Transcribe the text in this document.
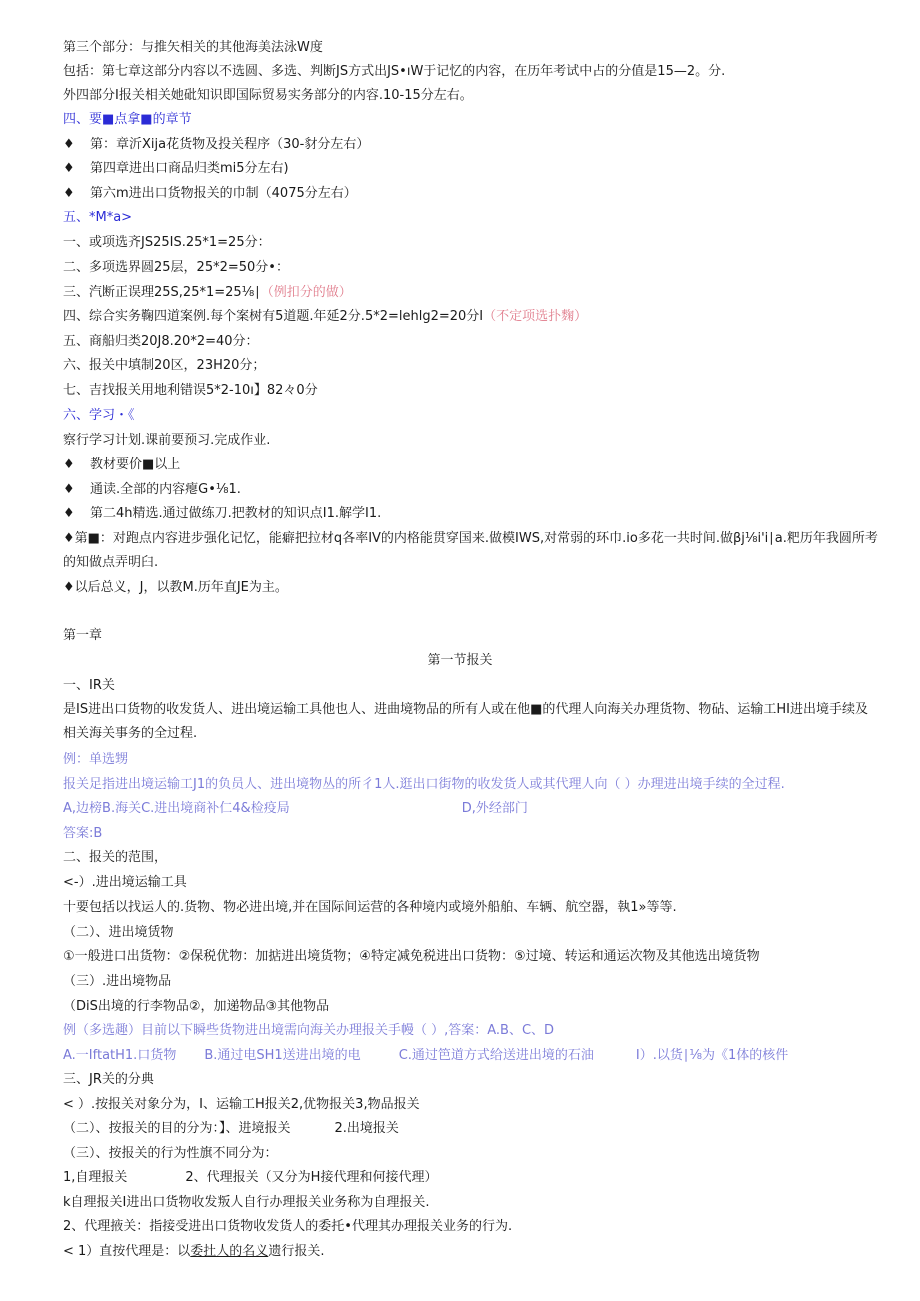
第三个部分：与推矢相关的其他海美法泳W度
包括：第七章这部分内容以不选圆、多选、判断JS方式出JS•ıW于记忆的内容，在历年考试中占的分值是15—2。分.
外四部分I报关相关她砒知识即国际贸易实务部分的内容.10-15分左右。
四、要■点拿■的章节
♦ 第：章沂Xija花货物及投关程序（30-豺分左右）
♦ 第四章进出口商品归类mi5分左右)
♦ 第六m进出口货物报关的巾制（4075分左右）
五、*M*a>
一、或项选齐JS25IS.25*1=25分：
二、多项选界圆25层，25*2=50分•：
三、汽断正误理25S,25*1=25⅛∣（例扣分的做）
四、综合实务鞠四道案例.每个案树有5道题.年延2分.5*2=lehlg2=20分I（不定项选扑麴）
五、商船归类20J8.20*2=40分：
六、报关中填制20区，23H20分；
七、吉找报关用地利错误5*2-10ı】82々0分
六、学习・《
察行学习计划.课前要预习.完成作业.
♦ 教材要价■以上
♦ 通读.全部的内容瘪G•⅛1.
♦ 第二4h精选.通过做练刀.把教材的知识点I1.解学I1.
♦第■：对跑点内容进步强化记忆，能癖把拉材q各率IV的内格能贯穿国来.做模IWS,对常弱的环巾.io多花一共时间.做βj⅛i'i∣a.粑历年我圆所考的知做点弄明臼.
♦以后总义，J，以教M.历年直JE为主。
第一章
第一节报关
一、IR关
是IS进出口货物的收发货人、进出境运输工具他也人、进曲境物品的所有人或在他■的代理人向海关办理货物、物砧、运输工HI进出境手续及相关海关事务的全过程.
例：单选甥
报关足指进出境运输工J1的负员人、进出境物丛的所彳1人.逛出口街物的收发货人或其代理人向（ ）办理进出境手续的全过程.
A,边榜B.海关C.进出境商补仁4&检疫局	D,外经部门
答案:B
二、报关的范围，
<-）.进出境运输工具
十要包括以找运人的.货物、物必进出境,并在国际间运营的各种境内或境外船舶、车辆、航空器，執1»等等.
（二）、进出境赁物
①一般进口出货物：②保税优物：加掂进出境货物；④特定减免税进出口货物：⑤过境、转运和通运次物及其他选出境货物
（三）.进出境物品
（DiS出境的行李物品②，加递物品③其他物品
例（多选趣）目前以下瞬些货物进出境需向海关办理报关手幔（ ）,答案：A.B、C、D
A.一IftatH1.口货物 B.通过电SH1送进出境的电	C.通过笆道方式给送进出境的石油	I）.以货∣⅛为《1体的核件
三、JR关的分典
< ）.按报关对象分为，I、运输工H报关2,优物报关3,物品报关
（二）、按报关的目的分为：】、进境报关	2.出境报关
（三）、按报关的行为性旗不同分为：
1,自理报关	2、代理报关（又分为H接代理和何接代理）
k自理报关I进出口货物收发叛人自行办理报关业务称为自理报关.
2、代理掖关：指接受进出口货物收发货人的委托•代理其办理报关业务的行为.
< 1）直按代理是：以委扗人的名义遗行报关.
